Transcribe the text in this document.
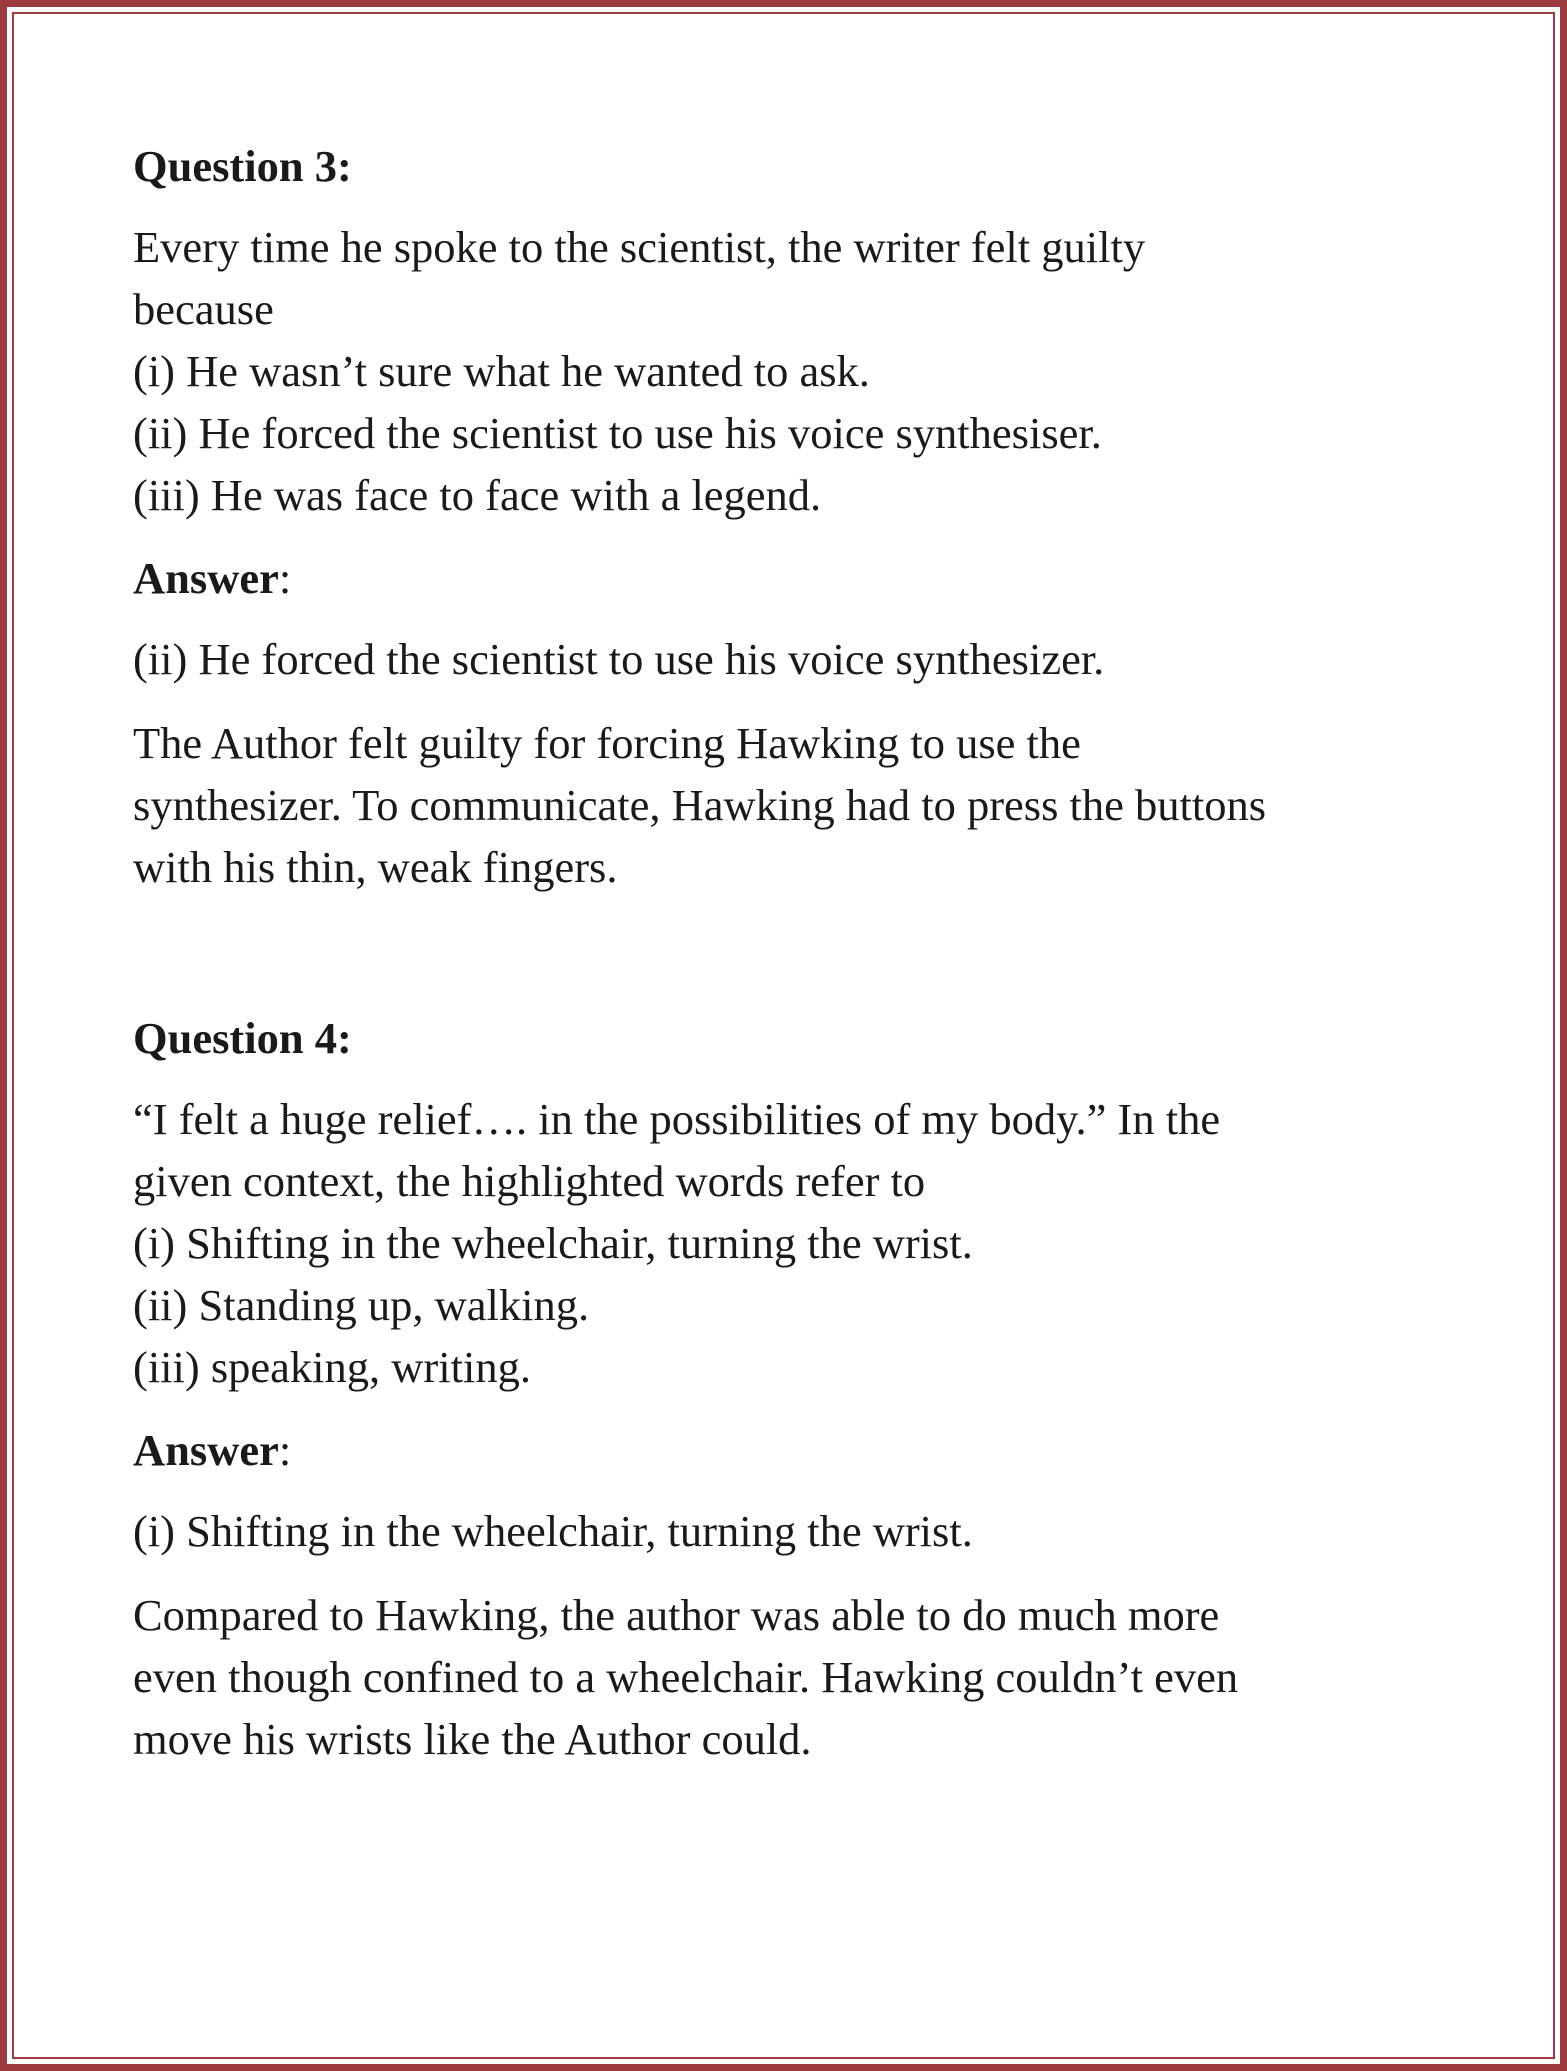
Question 3:
Every time he spoke to the scientist, the writer felt guilty
because
(i) He wasn’t sure what he wanted to ask.
(ii) He forced the scientist to use his voice synthesiser.
(iii) He was face to face with a legend.
Answer:
(ii) He forced the scientist to use his voice synthesizer.
The Author felt guilty for forcing Hawking to use the
synthesizer. To communicate, Hawking had to press the buttons
with his thin, weak fingers.
Question 4:
“I felt a huge relief…. in the possibilities of my body.” In the
given context, the highlighted words refer to
(i) Shifting in the wheelchair, turning the wrist.
(ii) Standing up, walking.
(iii) speaking, writing.
Answer:
(i) Shifting in the wheelchair, turning the wrist.
Compared to Hawking, the author was able to do much more
even though confined to a wheelchair. Hawking couldn’t even
move his wrists like the Author could.
